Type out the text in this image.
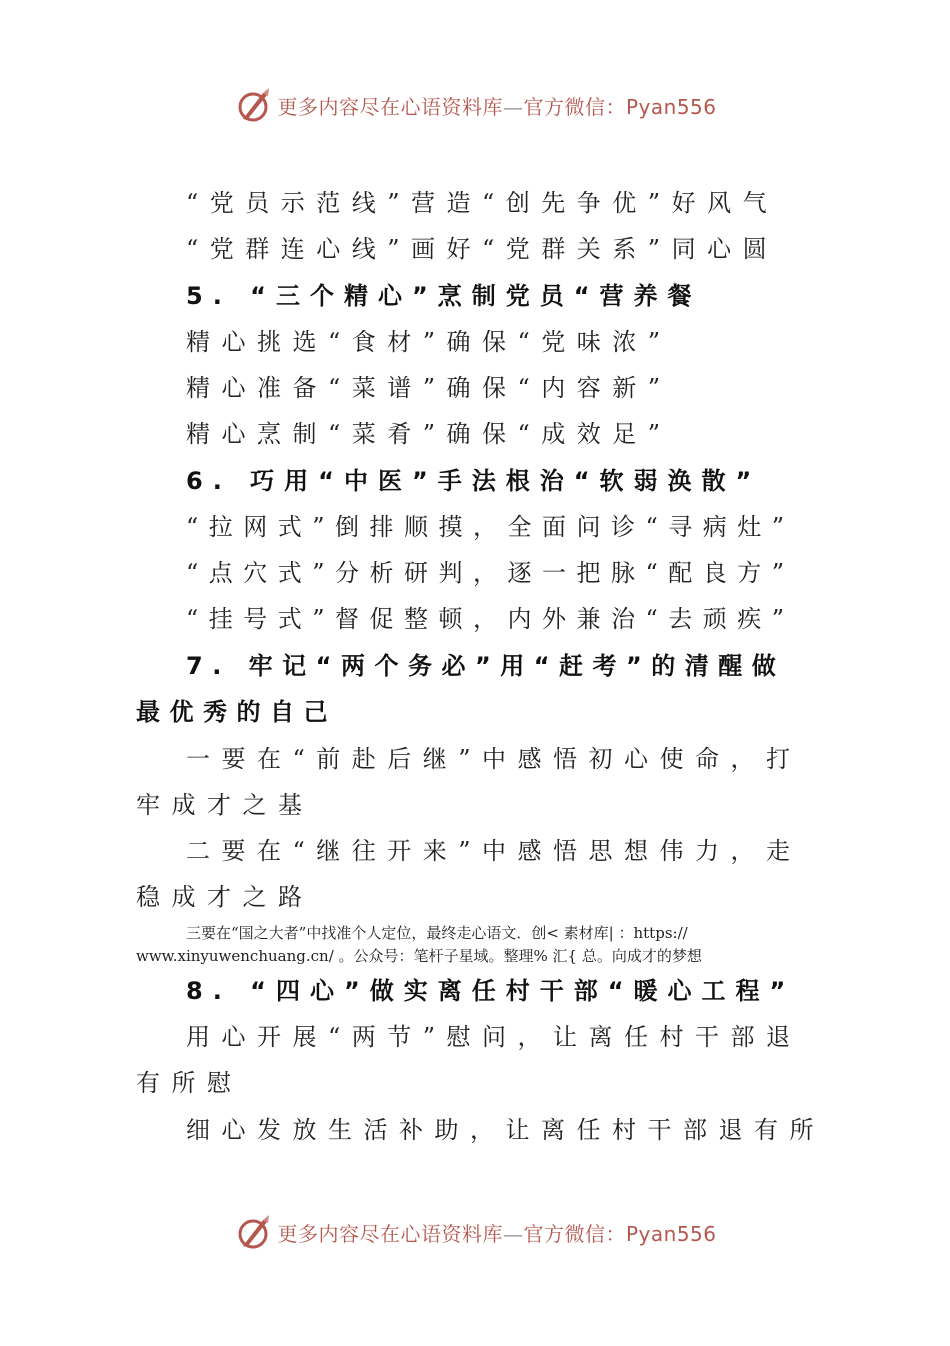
更多内容尽在心语资料库—官方微信：Pyan556
“党员示范线”营造“创先争优”好风气
“党群连心线”画好“党群关系”同心圆
5. “三个精心”烹制党员“营养餐
精心挑选“食材”确保“党味浓”
精心准备“菜谱”确保“内容新”
精心烹制“菜肴”确保“成效足”
6. 巧用“中医”手法根治“软弱涣散”
“拉网式”倒排顺摸，全面问诊“寻病灶”
“点穴式”分析研判，逐一把脉“配良方”
“挂号式”督促整顿，内外兼治“去顽疾”
7. 牢记“两个务必”用“赶考”的清醒做
最优秀的自己
一要在“前赴后继”中感悟初心使命，打
牢成才之基
二要在“继往开来”中感悟思想伟力，走
稳成才之路
三要在“国之大者”中找准个人定位，最终走心语文．创< 素材库| ：https://
www.xinyuwenchuang.cn/ 。公众号：笔杆子星域。整理% 汇{ 总。向成才的梦想
8. “四心”做实离任村干部“暖心工程”
用心开展“两节”慰问，让离任村干部退
有所慰
细心发放生活补助，让离任村干部退有所
更多内容尽在心语资料库—官方微信：Pyan556
